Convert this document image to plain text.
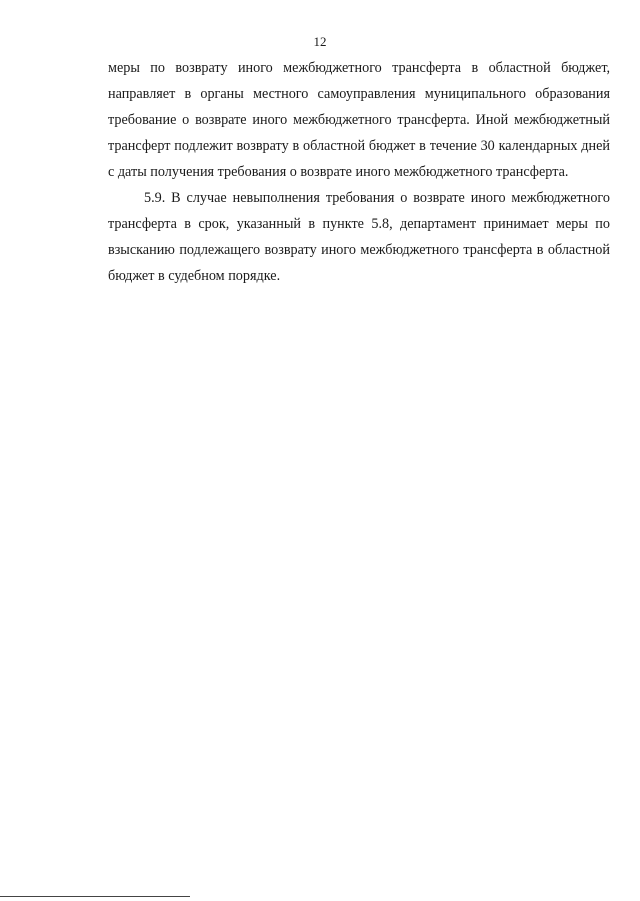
12

меры по возврату иного межбюджетного трансферта в областной бюджет, направляет в органы местного самоуправления муниципального образования требование о возврате иного межбюджетного трансферта. Иной межбюджетный трансферт подлежит возврату в областной бюджет в течение 30 календарных дней с даты получения требования о возврате иного межбюджетного трансферта.

5.9. В случае невыполнения требования о возврате иного межбюджетного трансферта в срок, указанный в пункте 5.8, департамент принимает меры по взысканию подлежащего возврату иного межбюджетного трансферта в областной бюджет в судебном порядке.
